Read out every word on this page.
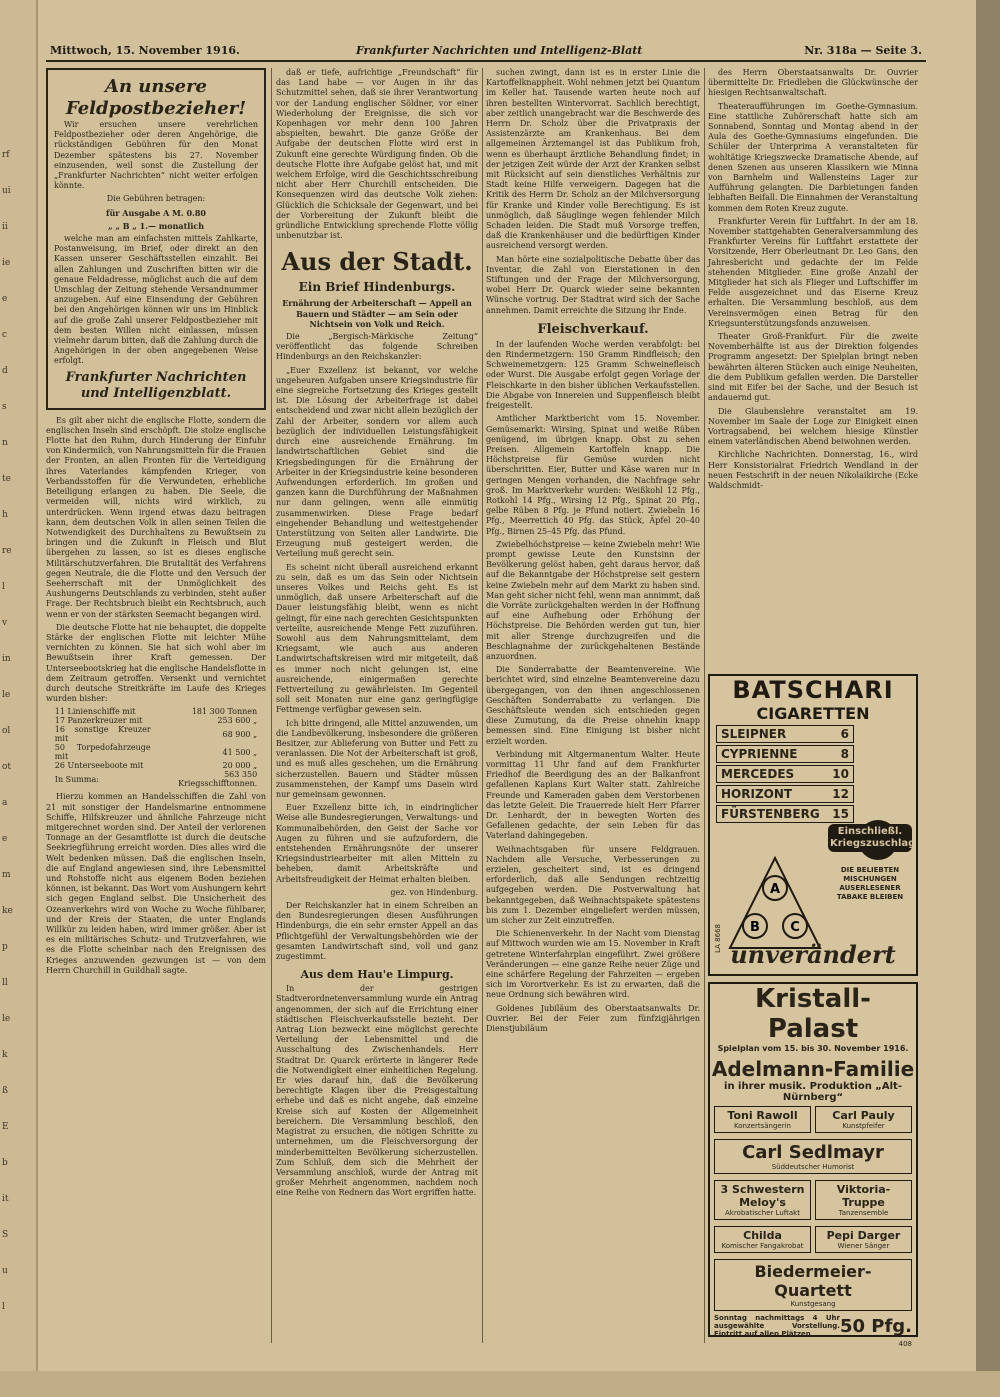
rf
ui
ii
ie
e
c
d
s
n
te
h
re
l
v
in
le
ol
ot
a
e
m
ke
p
ll
le
k
ß
E
b
it
S
u
l
Mittwoch, 15. November 1916.	Frankfurter Nachrichten und Intelligenz-Blatt	Nr. 318a — Seite 3.
An unsere Feldpostbezieher!

Wir ersuchen unsere verehrlichen Feldpostbezieher oder deren Angehörige, die rückständigen Gebühren für den Monat Dezember spätestens bis 27. November einzusenden, weil sonst die Zustellung der „Frankfurter Nachrichten“ nicht weiter erfolgen könnte.

Die Gebühren betragen:

für Ausgabe A M. 0.80

„ „ B „ 1.— monatlich

welche man am einfachsten mittels Zahlkarte, Postanweisung, im Brief, oder direkt an den Kassen unserer Geschäftsstellen einzahlt. Bei allen Zahlungen und Zuschriften bitten wir die genaue Feldadresse, möglichst auch die auf dem Umschlag der Zeitung stehende Versandnummer anzugeben. Auf eine Einsendung der Gebühren bei den Angehörigen können wir uns im Hinblick auf die große Zahl unserer Feldpostbezieher mit dem besten Willen nicht einlassen, müssen vielmehr darum bitten, daß die Zahlung durch die Angehörigen in der oben angegebenen Weise erfolgt.

Frankfurter Nachrichten und Intelligenzblatt.

Es gilt aber nicht die englische Flotte, sondern die englischen Inseln sind erschöpft. Die stolze englische Flotte hat den Ruhm, durch Hinderung der Einfuhr von Kindermilch, von Nahrungsmitteln für die Frauen der Fronten, an allen Fronten für die Verteidigung ihres Vaterlandes kämpfenden Krieger, von Verbandsstoffen für die Verwundeten, erhebliche Beteiligung erlangen zu haben. Die Seele, die vermeiden will, nichts wird wirklich, zu unterdrücken. Wenn irgend etwas dazu beitragen kann, dem deutschen Volk in allen seinen Teilen die Notwendigkeit des Durchhaltens zu Bewußtsein zu bringen und die Zukunft in Fleisch und Blut übergehen zu lassen, so ist es dieses englische Militärschutzverfahren. Die Brutalität des Verfahrens gegen Neutrale, die die Flotte und den Versuch der Seeherrschaft mit der Unmöglichkeit des Aushungerns Deutschlands zu verbinden, steht außer Frage. Der Rechtsbruch bleibt ein Rechtsbruch, auch wenn er von der stärksten Seemacht begangen wird.

Die deutsche Flotte hat nie behauptet, die doppelte Stärke der englischen Flotte mit leichter Mühe vernichten zu können. Sie hat sich wohl aber im Bewußtsein ihrer Kraft gemessen. Der Unterseebootskrieg hat die englische Handelsflotte in dem Zeitraum getroffen. Versenkt und vernichtet durch deutsche Streitkräfte im Laufe des Krieges wurden bisher:

11 Linienschiffe mit	181 300 Tonnen
17 Panzerkreuzer mit	253 600 „
16 sonstige Kreuzer mit	68 900 „
50 Torpedofahrzeuge mit	41 500 „
26 Unterseeboote mit	20 000 „
In Summa:	563 350 Kriegsschifftonnen.

Hierzu kommen an Handelsschiffen die Zahl von 21 mit sonstiger der Handelsmarine entnommene Schiffe, Hilfskreuzer und ähnliche Fahrzeuge nicht mitgerechnet worden sind. Der Anteil der verlorenen Tonnage an der Gesamtflotte ist durch die deutsche Seekriegführung erreicht worden. Dies alles wird die Welt bedenken müssen. Daß die englischen Inseln, die auf England angewiesen sind, ihre Lebensmittel und Rohstoffe nicht aus eigenem Boden beziehen können, ist bekannt. Das Wort vom Aushungern kehrt sich gegen England selbst. Die Unsicherheit des Ozeanverkehrs wird von Woche zu Woche fühlbarer, und der Kreis der Staaten, die unter Englands Willkür zu leiden haben, wird immer größer. Aber ist es ein militärisches Schutz- und Trutzverfahren, wie es die Flotte scheinbar nach den Ereignissen des Krieges anzuwenden gezwungen ist — von dem Herrn Churchill in Guildhall sagte.

daß er tiefe, aufrichtige „Freundschaft“ für das Land habe — vor Augen in ihr das Schutzmittel sehen, daß sie ihrer Verantwortung vor der Landung englischer Söldner, vor einer Wiederholung der Ereignisse, die sich vor Kopenhagen vor mehr denn 100 Jahren abspielten, bewahrt. Die ganze Größe der Aufgabe der deutschen Flotte wird erst in Zukunft eine gerechte Würdigung finden. Ob die deutsche Flotte ihre Aufgabe gelöst hat, und mit welchem Erfolge, wird die Geschichtsschreibung nicht aber Herr Churchill entscheiden. Die Konsequenzen wird das deutsche Volk ziehen: Glücklich die Schicksale der Gegenwart, und bei der Vorbereitung der Zukunft bleibt die gründliche Entwicklung sprechende Flotte völlig unbenutzbar ist.

Aus der Stadt.
Ein Brief Hindenburgs.

Ernährung der Arbeiterschaft — Appell an Bauern und Städter — am Sein oder Nichtsein von Volk und Reich.

Die „Bergisch-Märkische Zeitung“ veröffentlicht das folgende Schreiben Hindenburgs an den Reichskanzler:

„Euer Exzellenz ist bekannt, vor welche ungeheuren Aufgaben unsere Kriegsindustrie für eine siegreiche Fortsetzung des Krieges gestellt ist. Die Lösung der Arbeiterfrage ist dabei entscheidend und zwar nicht allein bezüglich der Zahl der Arbeiter, sondern vor allem auch bezüglich der individuellen Leistungsfähigkeit durch eine ausreichende Ernährung. Im landwirtschaftlichen Gebiet sind die Kriegsbedingungen für die Ernährung der Arbeiter in der Kriegsindustrie keine besonderen Aufwendungen erforderlich. Im großen und ganzen kann die Durchführung der Maßnahmen nur dann gelingen, wenn alle einmütig zusammenwirken. Diese Frage bedarf eingehender Behandlung und weitestgehender Unterstützung von Seiten aller Landwirte. Die Erzeugung muß gesteigert werden, die Verteilung muß gerecht sein.

Es scheint nicht überall ausreichend erkannt zu sein, daß es um das Sein oder Nichtsein unseres Volkes und Reichs geht. Es ist unmöglich, daß unsere Arbeiterschaft auf die Dauer leistungsfähig bleibt, wenn es nicht gelingt, für eine nach gerechten Gesichtspunkten verteilte, ausreichende Menge Fett zuzuführen. Sowohl aus dem Nahrungsmittelamt, dem Kriegsamt, wie auch aus anderen Landwirtschaftskreisen wird mir mitgeteilt, daß es immer noch nicht gelungen ist, eine ausreichende, einigermaßen gerechte Fettverteilung zu gewährleisten. Im Gegenteil soll seit Monaten nur eine ganz geringfügige Fettmenge verfügbar gewesen sein.

Ich bitte dringend, alle Mittel anzuwenden, um die Landbevölkerung, insbesondere die größeren Besitzer, zur Ablieferung von Butter und Fett zu veranlassen. Die Not der Arbeiterschaft ist groß, und es muß alles geschehen, um die Ernährung sicherzustellen. Bauern und Städter müssen zusammenstehen, der Kampf ums Dasein wird nur gemeinsam gewonnen.

Euer Exzellenz bitte ich, in eindringlicher Weise alle Bundesregierungen, Verwaltungs- und Kommunalbehörden, den Geist der Sache vor Augen zu führen und sie aufzufordern, die entstehenden Ernährungsnöte der unserer Kriegsindustriearbeiter mit allen Mitteln zu beheben, damit Arbeitskräfte und Arbeitsfreudigkeit der Heimat erhalten bleiben.

gez. von Hindenburg.

Der Reichskanzler hat in einem Schreiben an den Bundesregierungen diesen Ausführungen Hindenburgs, die ein sehr ernster Appell an das Pflichtgefühl der Verwaltungsbehörden wie der gesamten Landwirtschaft sind, voll und ganz zugestimmt.

Aus dem Hau'e Limpurg.

In der gestrigen Stadtverordnetenversammlung wurde ein Antrag angenommen, der sich auf die Errichtung einer städtischen Fleischverkaufsstelle bezieht. Der Antrag Lion bezweckt eine möglichst gerechte Verteilung der Lebensmittel und die Ausschaltung des Zwischenhandels. Herr Stadtrat Dr. Quarck erörterte in längerer Rede die Notwendigkeit einer einheitlichen Regelung. Er wies darauf hin, daß die Bevölkerung berechtigte Klagen über die Preisgestaltung erhebe und daß es nicht angehe, daß einzelne Kreise sich auf Kosten der Allgemeinheit bereichern. Die Versammlung beschloß, den Magistrat zu ersuchen, die nötigen Schritte zu unternehmen, um die Fleischversorgung der minderbemittelten Bevölkerung sicherzustellen. Zum Schluß, dem sich die Mehrheit der Versammlung anschloß, wurde der Antrag mit großer Mehrheit angenommen, nachdem noch eine Reihe von Rednern das Wort ergriffen hatte.

suchen zwingt, dann ist es in erster Linie die Kartoffelknappheit. Wohl nehmen jetzt bei Quantum im Keller hat. Tausende warten heute noch auf ihren bestellten Wintervorrat. Sachlich berechtigt, aber zeitlich unangebracht war die Beschwerde des Herrn Dr. Scholz über die Privatpraxis der Assistenzärzte am Krankenhaus. Bei dem allgemeinen Ärztemangel ist das Publikum froh, wenn es überhaupt ärztliche Behandlung findet; in der jetzigen Zeit würde der Arzt der Kranken selbst mit Rücksicht auf sein dienstliches Verhältnis zur Stadt keine Hilfe verweigern. Dagegen hat die Kritik des Herrn Dr. Scholz an der Milchversorgung für Kranke und Kinder volle Berechtigung. Es ist unmöglich, daß Säuglinge wegen fehlender Milch Schaden leiden. Die Stadt muß Vorsorge treffen, daß die Krankenhäuser und die bedürftigen Kinder ausreichend versorgt werden.

Man hörte eine sozialpolitische Debatte über das Inventar, die Zahl von Eierstationen in den Stiftungen und der Frage der Milchversorgung, wobei Herr Dr. Quarck wieder seine bekannten Wünsche vortrug. Der Stadtrat wird sich der Sache annehmen. Damit erreichte die Sitzung ihr Ende.

Fleischverkauf.

In der laufenden Woche werden verabfolgt: bei den Rindermetzgern: 150 Gramm Rindfleisch; den Schweinemetzgern: 125 Gramm Schweinefleisch oder Wurst. Die Ausgabe erfolgt gegen Vorlage der Fleischkarte in den bisher üblichen Verkaufsstellen. Die Abgabe von Innereien und Suppenfleisch bleibt freigestellt.

Amtlicher Marktbericht vom 15. November. Gemüsemarkt: Wirsing, Spinat und weiße Rüben genügend, im übrigen knapp. Obst zu sehen Preisen. Allgemein Kartoffeln knapp. Die Höchstpreise für Gemüse wurden nicht überschritten. Eier, Butter und Käse waren nur in geringen Mengen vorhanden, die Nachfrage sehr groß. Im Marktverkehr wurden: Weißkohl 12 Pfg., Rotkohl 14 Pfg., Wirsing 12 Pfg., Spinat 20 Pfg., gelbe Rüben 8 Pfg. je Pfund notiert. Zwiebeln 16 Pfg., Meerrettich 40 Pfg. das Stück, Äpfel 20–40 Pfg., Birnen 25–45 Pfg. das Pfund.

Zwiebelhöchstpreise — keine Zwiebeln mehr! Wie prompt gewisse Leute den Kunstsinn der Bevölkerung gelöst haben, geht daraus hervor, daß auf die Bekanntgabe der Höchstpreise seit gestern keine Zwiebeln mehr auf dem Markt zu haben sind. Man geht sicher nicht fehl, wenn man annimmt, daß die Vorräte zurückgehalten werden in der Hoffnung auf eine Aufhebung oder Erhöhung der Höchstpreise. Die Behörden werden gut tun, hier mit aller Strenge durchzugreifen und die Beschlagnahme der zurückgehaltenen Bestände anzuordnen.

Die Sonderrabatte der Beamtenvereine. Wie berichtet wird, sind einzelne Beamtenvereine dazu übergegangen, von den ihnen angeschlossenen Geschäften Sonderrabatte zu verlangen. Die Geschäftsleute wenden sich entschieden gegen diese Zumutung, da die Preise ohnehin knapp bemessen sind. Eine Einigung ist bisher nicht erzielt worden.

Verbindung mit Altgermanentum Walter. Heute vormittag 11 Uhr fand auf dem Frankfurter Friedhof die Beerdigung des an der Balkanfront gefallenen Kaplans Kurt Walter statt. Zahlreiche Freunde und Kameraden gaben dem Verstorbenen das letzte Geleit. Die Trauerrede hielt Herr Pfarrer Dr. Lenhardt, der in bewegten Worten des Gefallenen gedachte, der sein Leben für das Vaterland dahingegeben.

Weihnachtsgaben für unsere Feldgrauen. Nachdem alle Versuche, Verbesserungen zu erzielen, gescheitert sind, ist es dringend erforderlich, daß alle Sendungen rechtzeitig aufgegeben werden. Die Postverwaltung hat bekanntgegeben, daß Weihnachtspakete spätestens bis zum 1. Dezember eingeliefert werden müssen, um sicher zur Zeit einzutreffen.

Die Schienenverkehr. In der Nacht vom Dienstag auf Mittwoch wurden wie am 15. November in Kraft getretene Winterfahrplan eingeführt. Zwei größere Veränderungen — eine ganze Reihe neuer Züge und eine schärfere Regelung der Fahrzeiten — ergeben sich im Vorortverkehr. Es ist zu erwarten, daß die neue Ordnung sich bewähren wird.

Goldenes Jubiläum des Oberstaatsanwalts Dr. Ouvrier. Bei der Feier zum fünfzigjährigen Dienstjubiläum

des Herrn Oberstaatsanwalts Dr. Ouvrier übermittelte Dr. Friedleben die Glückwünsche der hiesigen Rechtsanwaltschaft.

Theateraufführungen im Goethe-Gymnasium. Eine stattliche Zuhörerschaft hatte sich am Sonnabend, Sonntag und Montag abend in der Aula des Goethe-Gymnasiums eingefunden. Die Schüler der Unterprima A veranstalteten für wohltätige Kriegszwecke Dramatische Abende, auf denen Szenen aus unseren Klassikern wie Minna von Barnhelm und Wallensteins Lager zur Aufführung gelangten. Die Darbietungen fanden lebhaften Beifall. Die Einnahmen der Veranstaltung kommen dem Roten Kreuz zugute.

Frankfurter Verein für Luftfahrt. In der am 18. November stattgehabten Generalversammlung des Frankfurter Vereins für Luftfahrt erstattete der Vorsitzende, Herr Oberleutnant Dr. Leo Gans, den Jahresbericht und gedachte der im Felde stehenden Mitglieder. Eine große Anzahl der Mitglieder hat sich als Flieger und Luftschiffer im Felde ausgezeichnet und das Eiserne Kreuz erhalten. Die Versammlung beschloß, aus dem Vereinsvermögen einen Betrag für den Kriegsunterstützungsfonds anzuweisen.

Theater Groß-Frankfurt. Für die zweite Novemberhälfte ist aus der Direktion folgendes Programm angesetzt: Der Spielplan bringt neben bewährten älteren Stücken auch einige Neuheiten, die dem Publikum gefallen werden. Die Darsteller sind mit Eifer bei der Sache, und der Besuch ist andauernd gut.

Die Glaubenslehre veranstaltet am 19. November im Saale der Loge zur Einigkeit einen Vortragsabend, bei welchem hiesige Künstler einem vaterländischen Abend beiwohnen werden.

Kirchliche Nachrichten. Donnerstag, 16., wird Herr Konsistorialrat Friedrich Wendland in der neuen Festschrift in der neuen Nikolaikirche (Ecke Waldschmidt-

BATSCHARI
CIGARETTEN
SLEIPNER	6
CYPRIENNE	8
MERCEDES	10
HORIZONT	12
FÜRSTENBERG 15
A
B C
Einschließl. Kriegszuschlag
DIE BELIEBTEN MISCHUNGEN AUSERLESENER TABAKE BLEIBEN
LA 8668
unverändert
Kristall-Palast
Spielplan vom 15. bis 30. November 1916.
Adelmann-Familie
in ihrer musik. Produktion „Alt-Nürnberg“
Toni Rawoll
Konzertsängerin
Carl Pauly
Kunstpfeifer
Carl Sedlmayr
Süddeutscher Humorist
3 Schwestern Meloy's
Akrobatischer Luftakt
Viktoria-Truppe
Tanzensemble
Childa
Komischer Fangakrobat
Pepi Darger
Wiener Sänger
Biedermeier-Quartett
Kunstgesang
Sonntag nachmittags 4 Uhr ausgewählte Vorstellung. Eintritt auf allen Plätzen	50 Pfg.
408
